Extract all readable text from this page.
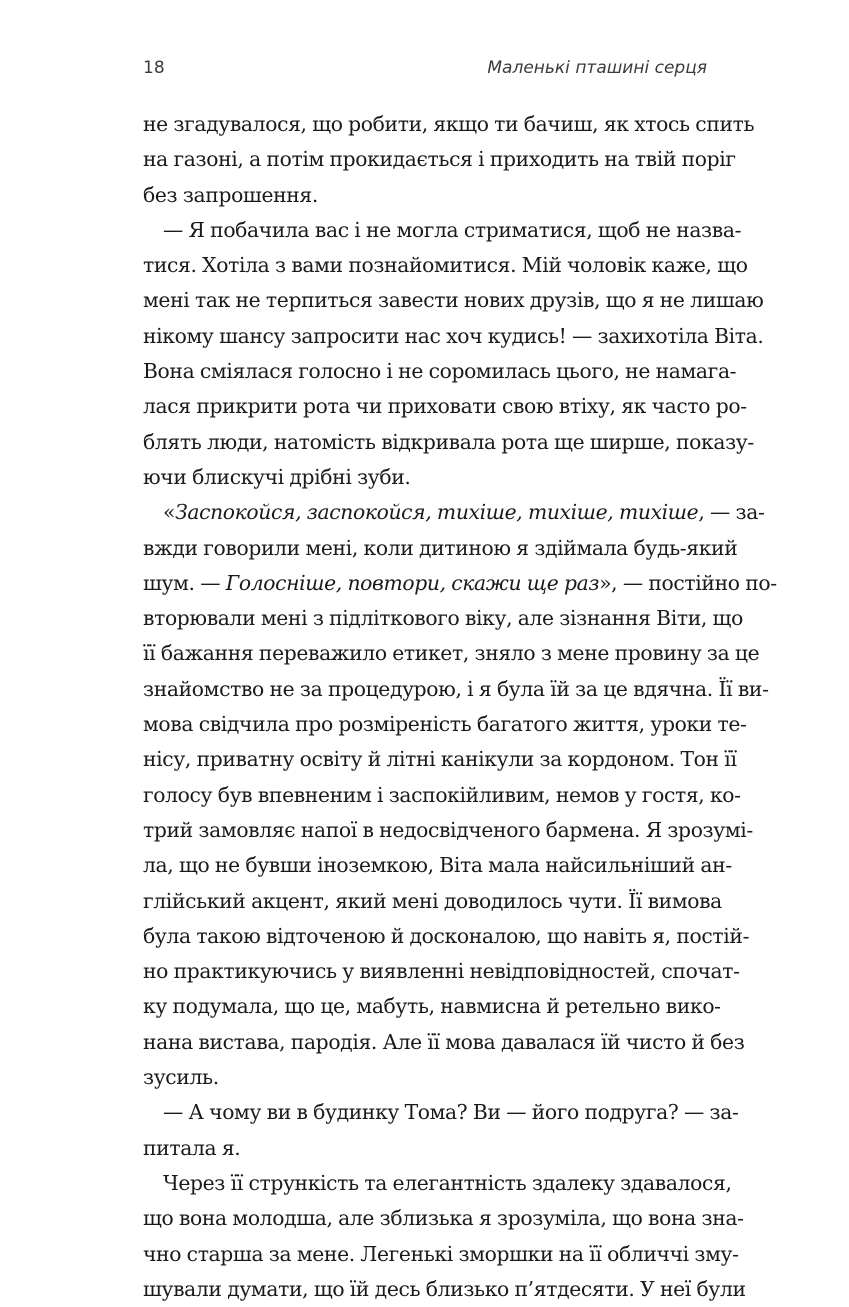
18	Маленькі пташині серця
не згадувалося, що робити, якщо ти бачиш, як хтось спить
на газоні, а потім прокидається і приходить на твій поріг
без запрошення.
— Я побачила вас і не могла стриматися, щоб не назва-
тися. Хотіла з вами познайомитися. Мій чоловік каже, що
мені так не терпиться завести нових друзів, що я не лишаю
нікому шансу запросити нас хоч кудись! — захихотіла Віта.
Вона сміялася голосно і не соромилась цього, не намага-
лася прикрити рота чи приховати свою втіху, як часто ро-
блять люди, натомість відкривала рота ще ширше, показу-
ючи блискучі дрібні зуби.
«Заспокойся, заспокойся, тихіше, тихіше, тихіше, — за-
вжди говорили мені, коли дитиною я здіймала будь-який
шум. — Голосніше, повтори, скажи ще раз», — постійно по-
вторювали мені з підліткового віку, але зізнання Віти, що
її бажання переважило етикет, зняло з мене провину за це
знайомство не за процедурою, і я була їй за це вдячна. Її ви-
мова свідчила про розміреність багатого життя, уроки те-
нісу, приватну освіту й літні канікули за кордоном. Тон її
голосу був впевненим і заспокійливим, немов у гостя, ко-
трий замовляє напої в недосвідченого бармена. Я зрозумі-
ла, що не бувши іноземкою, Віта мала найсильніший ан-
глійський акцент, який мені доводилось чути. Її вимова
була такою відточеною й досконалою, що навіть я, постій-
но практикуючись у виявленні невідповідностей, спочат-
ку подумала, що це, мабуть, навмисна й ретельно вико-
нана вистава, пародія. Але її мова давалася їй чисто й без
зусиль.
— А чому ви в будинку Тома? Ви — його подруга? — за-
питала я.
Через її стрункість та елегантність здалеку здавалося,
що вона молодша, але зблизька я зрозуміла, що вона зна-
чно старша за мене. Легенькі зморшки на її обличчі зму-
шували думати, що їй десь близько п’ятдесяти. У неї були
